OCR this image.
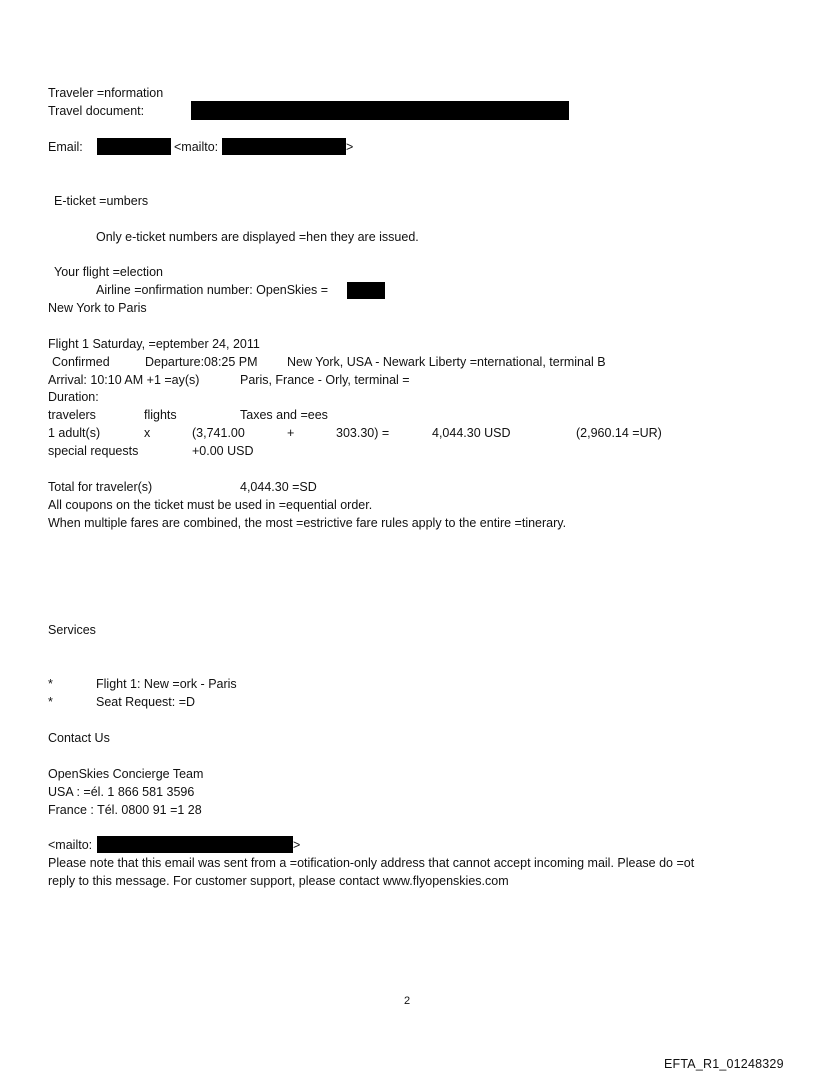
Traveler =nformation
Travel document:
Email:	<mailto:	>
E-ticket =umbers
Only e-ticket numbers are displayed =hen they are issued.
Your flight =election
Airline =onfirmation number: OpenSkies =
New York to Paris
Flight 1 Saturday, =eptember 24, 2011
Confirmed	Departure:08:25 PM New York, USA - Newark Liberty =nternational, terminal B
Arrival: 10:10 AM +1 =ay(s)	Paris, France - Orly, terminal =
Duration:
travelers	flights	Taxes and =ees
1 adult(s)	x	(3,741.00	+	303.30) =	4,044.30 USD	(2,960.14 =UR)
special requests	+0.00 USD
Total for traveler(s)	4,044.30 =SD
All coupons on the ticket must be used in =equential order.
When multiple fares are combined, the most =estrictive fare rules apply to the entire =tinerary.
Services
*	Flight 1: New =ork - Paris
*	Seat Request: =D
Contact Us
OpenSkies Concierge Team
USA : =él. 1 866 581 3596
France : Tél. 0800 91 =1 28
<mailto:	>
Please note that this email was sent from a =otification-only address that cannot accept incoming mail. Please do =ot
reply to this message. For customer support, please contact www.flyopenskies.com
2
EFTA_R1_01248329
